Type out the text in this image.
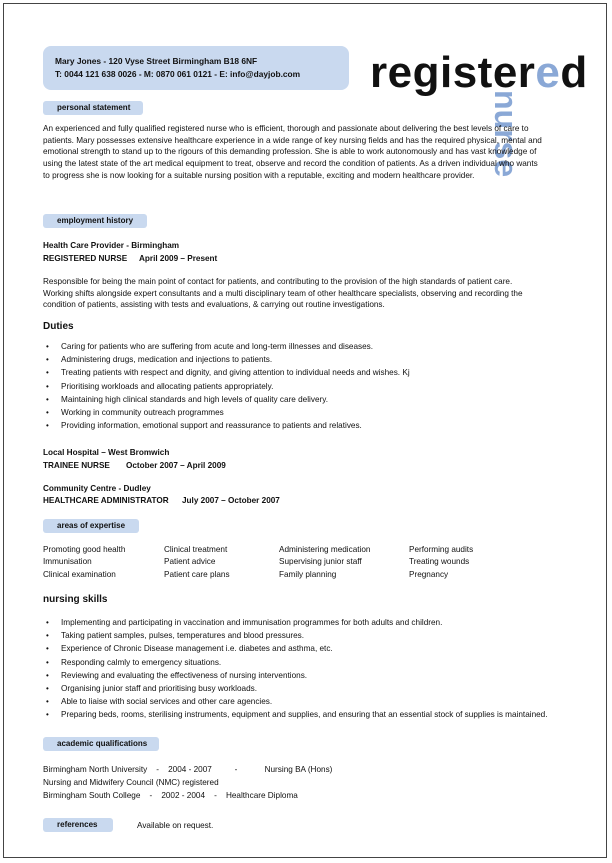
Mary Jones - 120 Vyse Street Birmingham B18 6NF
T: 0044 121 638 0026 - M: 0870 061 0121 - E: info@dayjob.com registered
nurse
personal statement
An experienced and fully qualified registered nurse who is efficient, thorough and passionate about delivering the best levels of care to patients. Mary possesses extensive healthcare experience in a wide range of key nursing fields and has the required physical, mental and emotional strength to stand up to the rigours of this demanding profession. She is able to work autonomously and has vast knowledge of using the latest state of the art medical equipment to treat, observe and record the condition of patients. As a driven individual who wants to progress she is now looking for a suitable nursing position with a reputable, exciting and modern healthcare provider.
employment history
Health Care Provider - Birmingham
REGISTERED NURSE April 2009 – Present
Responsible for being the main point of contact for patients, and contributing to the provision of the high standards of patient care. Working shifts alongside expert consultants and a multi disciplinary team of other healthcare specialists, observing and recording the condition of patients, assisting with tests and evaluations, & carrying out routine investigations.
Duties
• Caring for patients who are suffering from acute and long-term illnesses and diseases.
• Administering drugs, medication and injections to patients.
• Treating patients with respect and dignity, and giving attention to individual needs and wishes. Kj
• Prioritising workloads and allocating patients appropriately.
• Maintaining high clinical standards and high levels of quality care delivery.
• Working in community outreach programmes
• Providing information, emotional support and reassurance to patients and relatives.
Local Hospital – West Bromwich
TRAINEE NURSE October 2007 – April 2009
Community Centre - Dudley
HEALTHCARE ADMINISTRATOR July 2007 – October 2007
areas of expertise
Promoting good health
Immunisation
Clinical examination
Clinical treatment
Patient advice
Patient care plans
Administering medication
Supervising junior staff
Family planning
Performing audits
Treating wounds
Pregnancy
nursing skills
• Implementing and participating in vaccination and immunisation programmes for both adults and children.
• Taking patient samples, pulses, temperatures and blood pressures.
• Experience of Chronic Disease management i.e. diabetes and asthma, etc.
• Responding calmly to emergency situations.
• Reviewing and evaluating the effectiveness of nursing interventions.
• Organising junior staff and prioritising busy workloads.
• Able to liaise with social services and other care agencies.
• Preparing beds, rooms, sterilising instruments, equipment and supplies, and ensuring that an essential stock of supplies is maintained.
academic qualifications
Birmingham North University    -    2004 - 2007          -            Nursing BA (Hons)
Nursing and Midwifery Council (NMC) registered
Birmingham South College    -    2002 - 2004    -    Healthcare Diploma
references	Available on request.
